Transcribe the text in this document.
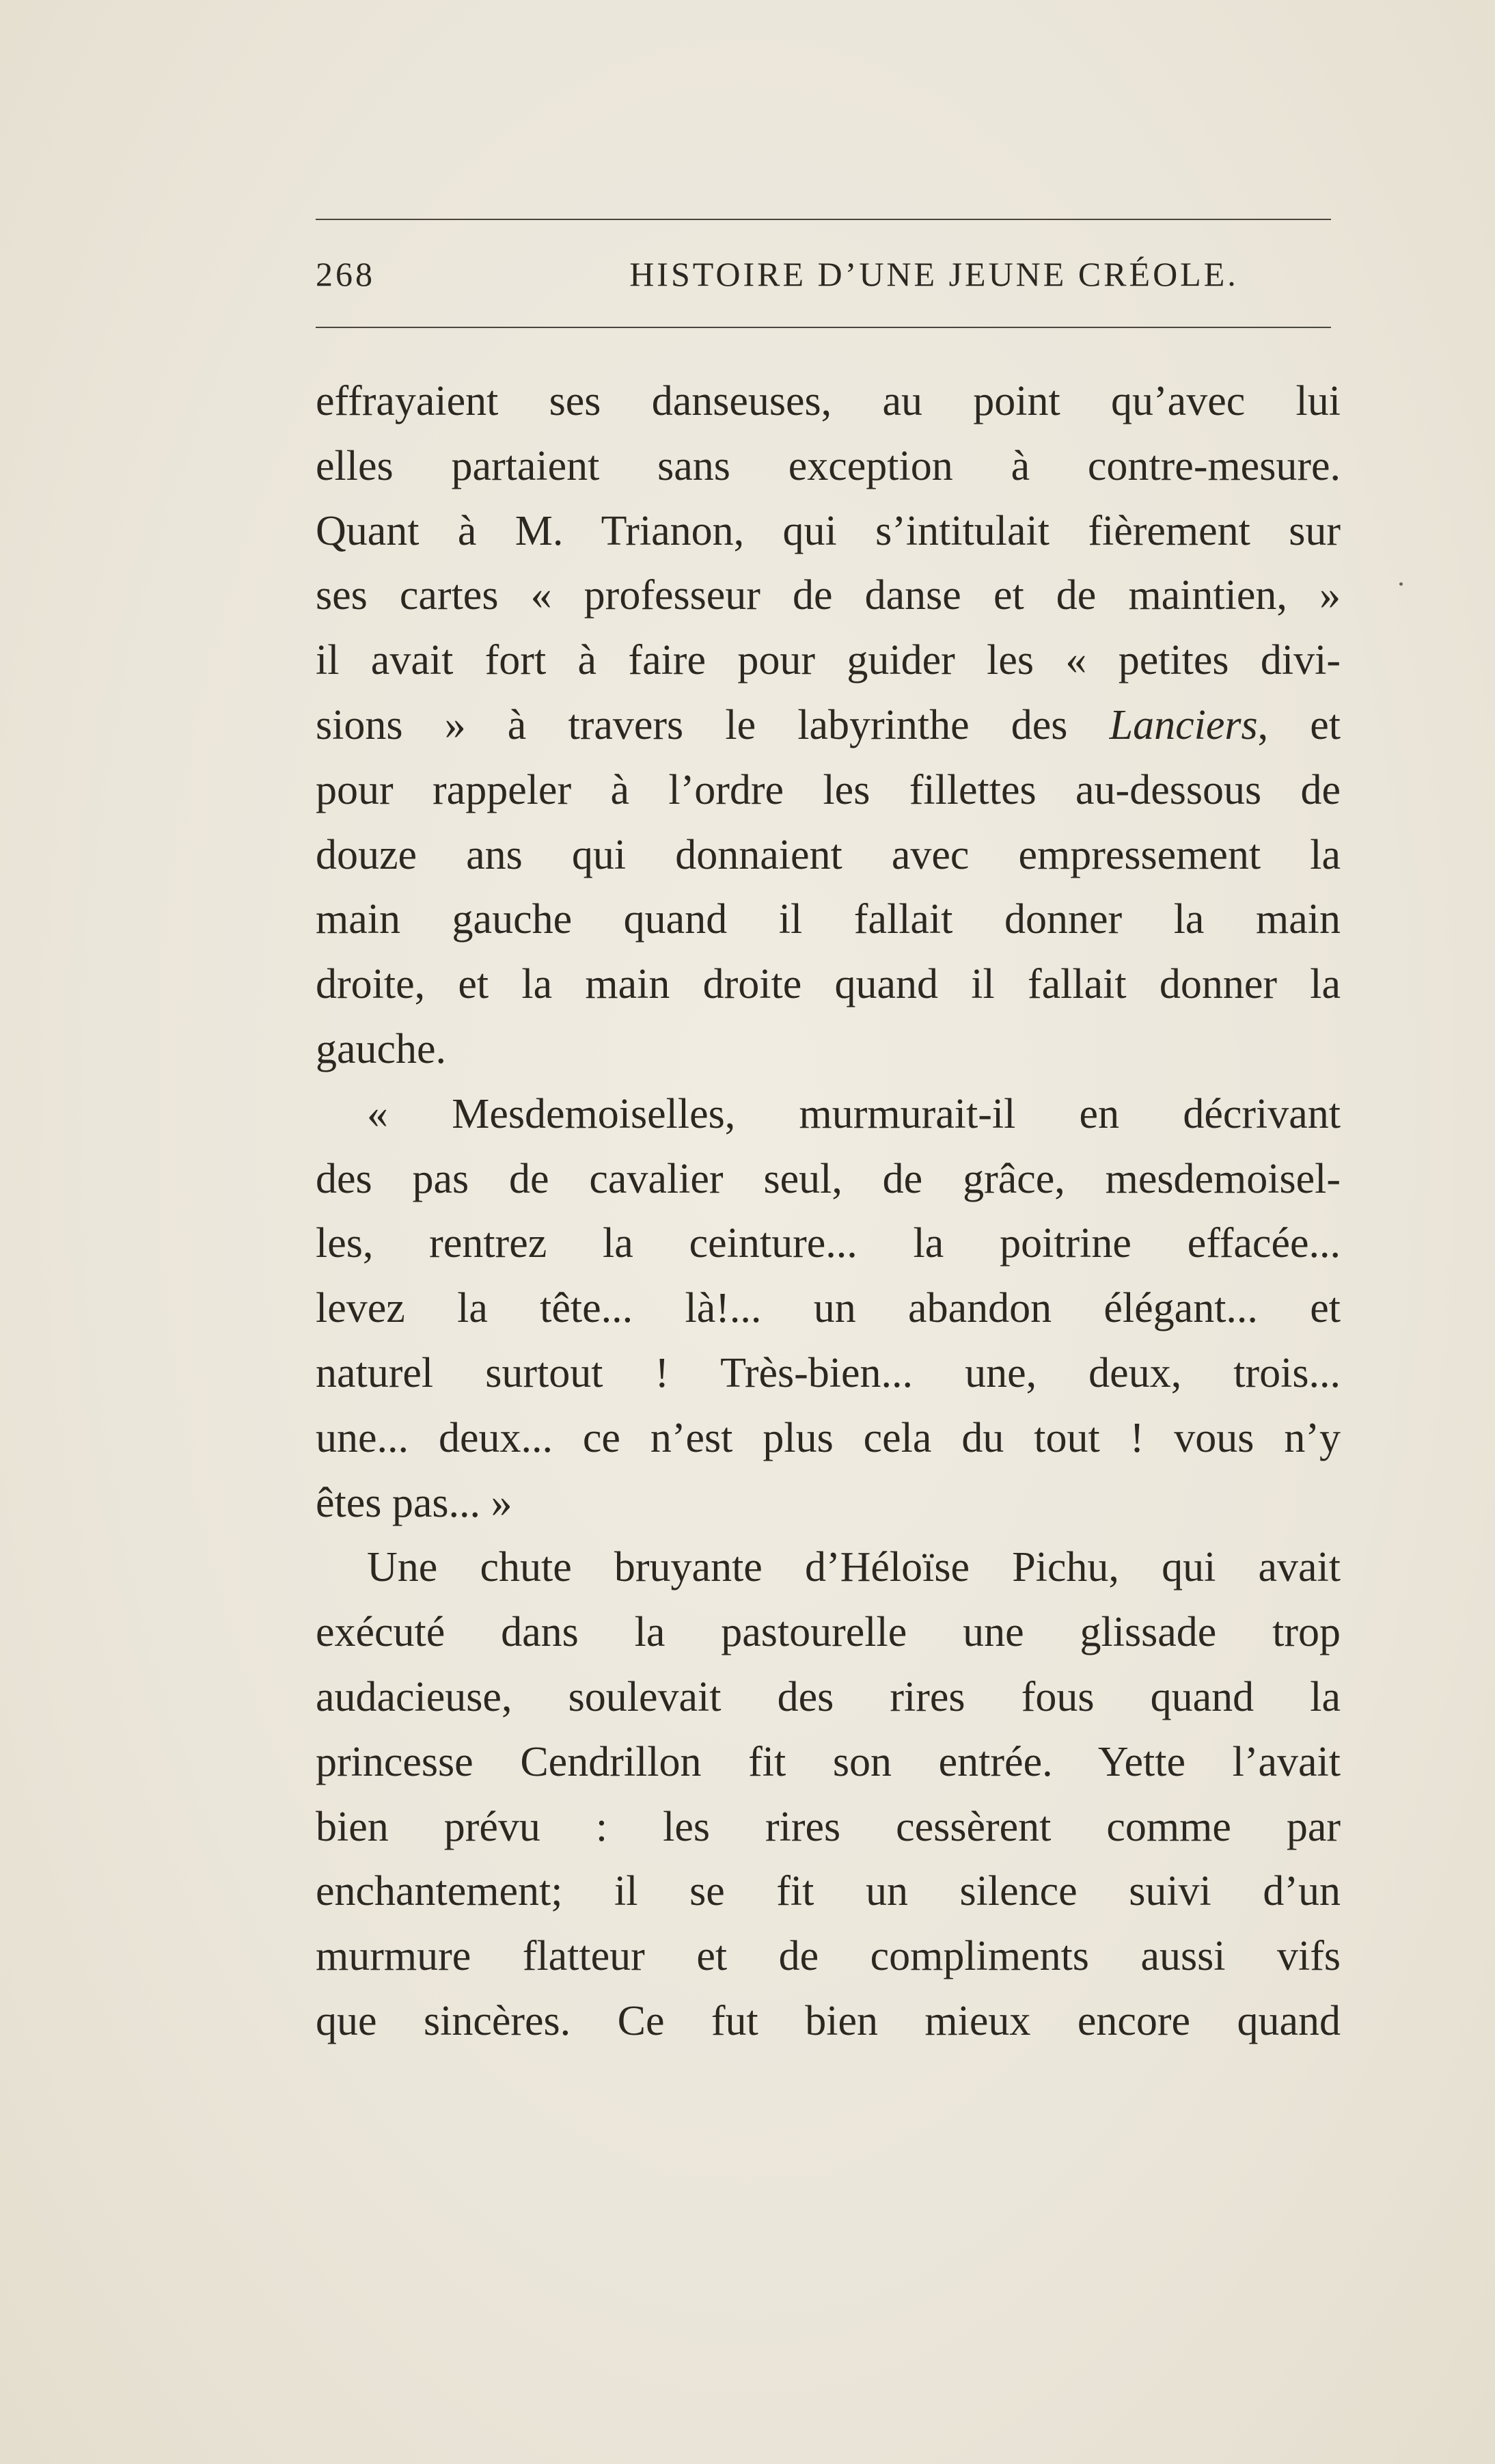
268	HISTOIRE D’UNE JEUNE CRÉOLE.
effrayaient ses danseuses, au point qu’avec lui
elles partaient sans exception à contre-mesure.
Quant à M. Trianon, qui s’intitulait fièrement sur
ses cartes « professeur de danse et de maintien, »
il avait fort à faire pour guider les « petites divi-
sions » à travers le labyrinthe des Lanciers, et
pour rappeler à l’ordre les fillettes au-dessous de
douze ans qui donnaient avec empressement la
main gauche quand il fallait donner la main
droite, et la main droite quand il fallait donner la
gauche.
« Mesdemoiselles, murmurait-il en décrivant
des pas de cavalier seul, de grâce, mesdemoisel-
les, rentrez la ceinture... la poitrine effacée...
levez la tête... là!... un abandon élégant... et
naturel surtout ! Très-bien... une, deux, trois...
une... deux... ce n’est plus cela du tout ! vous n’y
êtes pas... »
Une chute bruyante d’Héloïse Pichu, qui avait
exécuté dans la pastourelle une glissade trop
audacieuse, soulevait des rires fous quand la
princesse Cendrillon fit son entrée. Yette l’avait
bien prévu : les rires cessèrent comme par
enchantement; il se fit un silence suivi d’un
murmure flatteur et de compliments aussi vifs
que sincères. Ce fut bien mieux encore quand
